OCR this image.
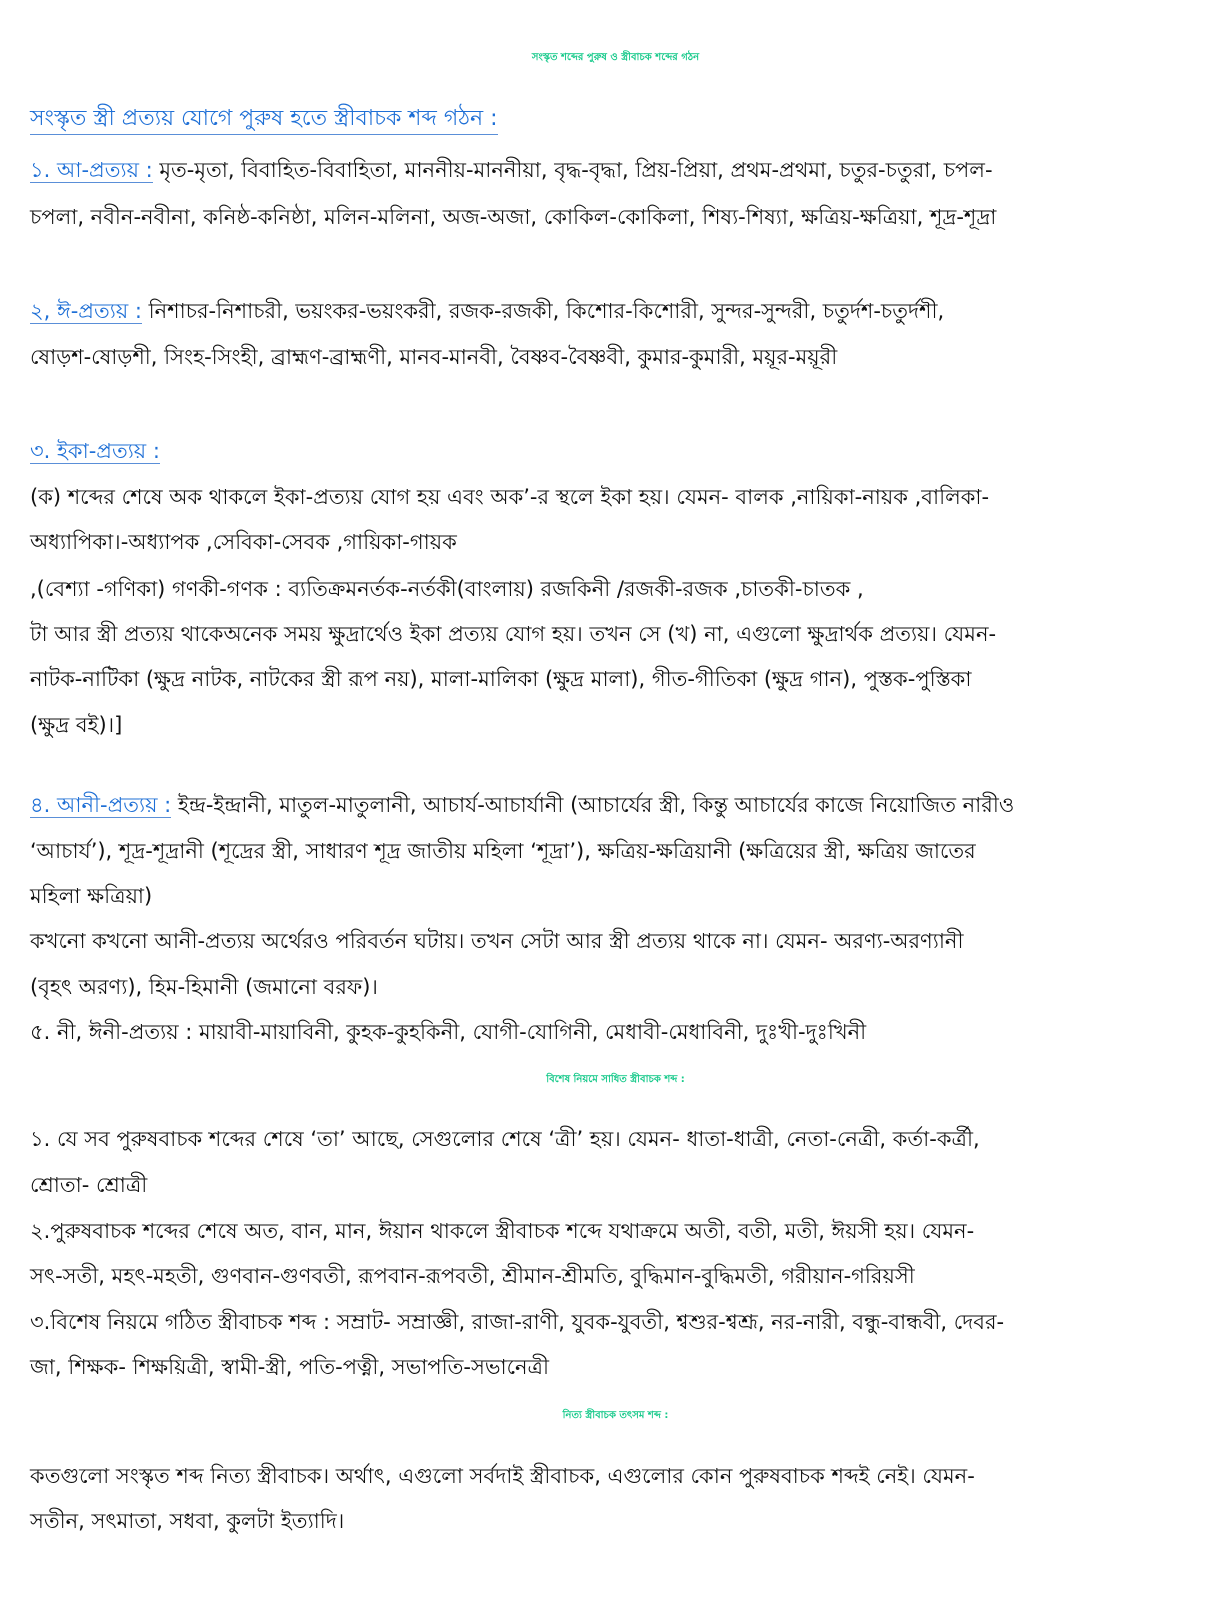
সংস্কৃত শব্দের পুরুষ ও স্ত্রীবাচক শব্দের গঠন
সংস্কৃত স্ত্রী প্রত্যয় যোগে পুরুষ হতে স্ত্রীবাচক শব্দ গঠন :
১. আ-প্রত্যয় : মৃত-মৃতা, বিবাহিত-বিবাহিতা, মাননীয়-মাননীয়া, বৃদ্ধ-বৃদ্ধা, প্রিয়-প্রিয়া, প্রথম-প্রথমা, চতুর-চতুরা, চপল-
চপলা, নবীন-নবীনা, কনিষ্ঠ-কনিষ্ঠা, মলিন-মলিনা, অজ-অজা, কোকিল-কোকিলা, শিষ্য-শিষ্যা, ক্ষত্রিয়-ক্ষত্রিয়া, শূদ্র-শূদ্রা
২, ঈ-প্রত্যয় : নিশাচর-নিশাচরী, ভয়ংকর-ভয়ংকরী, রজক-রজকী, কিশোর-কিশোরী, সুন্দর-সুন্দরী, চতুর্দশ-চতুর্দশী,
ষোড়শ-ষোড়শী, সিংহ-সিংহী, ব্রাহ্মণ-ব্রাহ্মণী, মানব-মানবী, বৈষ্ণব-বৈষ্ণবী, কুমার-কুমারী, ময়ূর-ময়ূরী
৩. ইকা-প্রত্যয় :
(ক) শব্দের শেষে অক থাকলে ইকা-প্রত্যয় যোগ হয় এবং অক’-র স্থলে ইকা হয়। যেমন- বালক ,নায়িকা-নায়ক ,বালিকা-
অধ্যাপিকা।-অধ্যাপক ,সেবিকা-সেবক ,গায়িকা-গায়ক
,(বেশ্যা -গণিকা) গণকী-গণক : ব্যতিক্রমনর্তক-নর্তকী(বাংলায়) রজকিনী /রজকী-রজক ,চাতকী-চাতক ,
টা আর স্ত্রী প্রত্যয় থাকেঅনেক সময় ক্ষুদ্রার্থেও ইকা প্রত্যয় যোগ হয়। তখন সে (খ) না, এগুলো ক্ষুদ্রার্থক প্রত্যয়। যেমন-
নাটক-নাটিকা (ক্ষুদ্র নাটক, নাটকের স্ত্রী রূপ নয়), মালা-মালিকা (ক্ষুদ্র মালা), গীত-গীতিকা (ক্ষুদ্র গান), পুস্তক-পুস্তিকা
(ক্ষুদ্র বই)।]
৪. আনী-প্রত্যয় : ইন্দ্র-ইন্দ্রানী, মাতুল-মাতুলানী, আচার্য-আচার্যানী (আচার্যের স্ত্রী, কিন্তু আচার্যের কাজে নিয়োজিত নারীও
‘আচার্য’), শূদ্র-শূদ্রানী (শূদ্রের স্ত্রী, সাধারণ শূদ্র জাতীয় মহিলা ‘শূদ্রা’), ক্ষত্রিয়-ক্ষত্রিয়ানী (ক্ষত্রিয়ের স্ত্রী, ক্ষত্রিয় জাতের
মহিলা ক্ষত্রিয়া)
কখনো কখনো আনী-প্রত্যয় অর্থেরও পরিবর্তন ঘটায়। তখন সেটা আর স্ত্রী প্রত্যয় থাকে না। যেমন- অরণ্য-অরণ্যানী
(বৃহৎ অরণ্য), হিম-হিমানী (জমানো বরফ)।
৫. নী, ঈনী-প্রত্যয় : মায়াবী-মায়াবিনী, কুহক-কুহকিনী, যোগী-যোগিনী, মেধাবী-মেধাবিনী, দুঃখী-দুঃখিনী
বিশেষ নিয়মে সাধিত স্ত্রীবাচক শব্দ :
১. যে সব পুরুষবাচক শব্দের শেষে ‘তা’ আছে, সেগুলোর শেষে ‘ত্রী’ হয়। যেমন- ধাতা-ধাত্রী, নেতা-নেত্রী, কর্তা-কর্ত্রী,
শ্রোতা- শ্রোত্রী
২.পুরুষবাচক শব্দের শেষে অত, বান, মান, ঈয়ান থাকলে স্ত্রীবাচক শব্দে যথাক্রমে অতী, বতী, মতী, ঈয়সী হয়। যেমন-
সৎ-সতী, মহৎ-মহতী, গুণবান-গুণবতী, রূপবান-রূপবতী, শ্রীমান-শ্রীমতি, বুদ্ধিমান-বুদ্ধিমতী, গরীয়ান-গরিয়সী
৩.বিশেষ নিয়মে গঠিত স্ত্রীবাচক শব্দ : সম্রাট- সম্রাজ্ঞী, রাজা-রাণী, যুবক-যুবতী, শ্বশুর-শ্বশ্রূ, নর-নারী, বন্ধু-বান্ধবী, দেবর-
জা, শিক্ষক- শিক্ষয়িত্রী, স্বামী-স্ত্রী, পতি-পত্নী, সভাপতি-সভানেত্রী
নিত্য স্ত্রীবাচক তৎসম শব্দ :
কতগুলো সংস্কৃত শব্দ নিত্য স্ত্রীবাচক। অর্থাৎ, এগুলো সর্বদাই স্ত্রীবাচক, এগুলোর কোন পুরুষবাচক শব্দই নেই। যেমন-
সতীন, সৎমাতা, সধবা, কুলটা ইত্যাদি।
